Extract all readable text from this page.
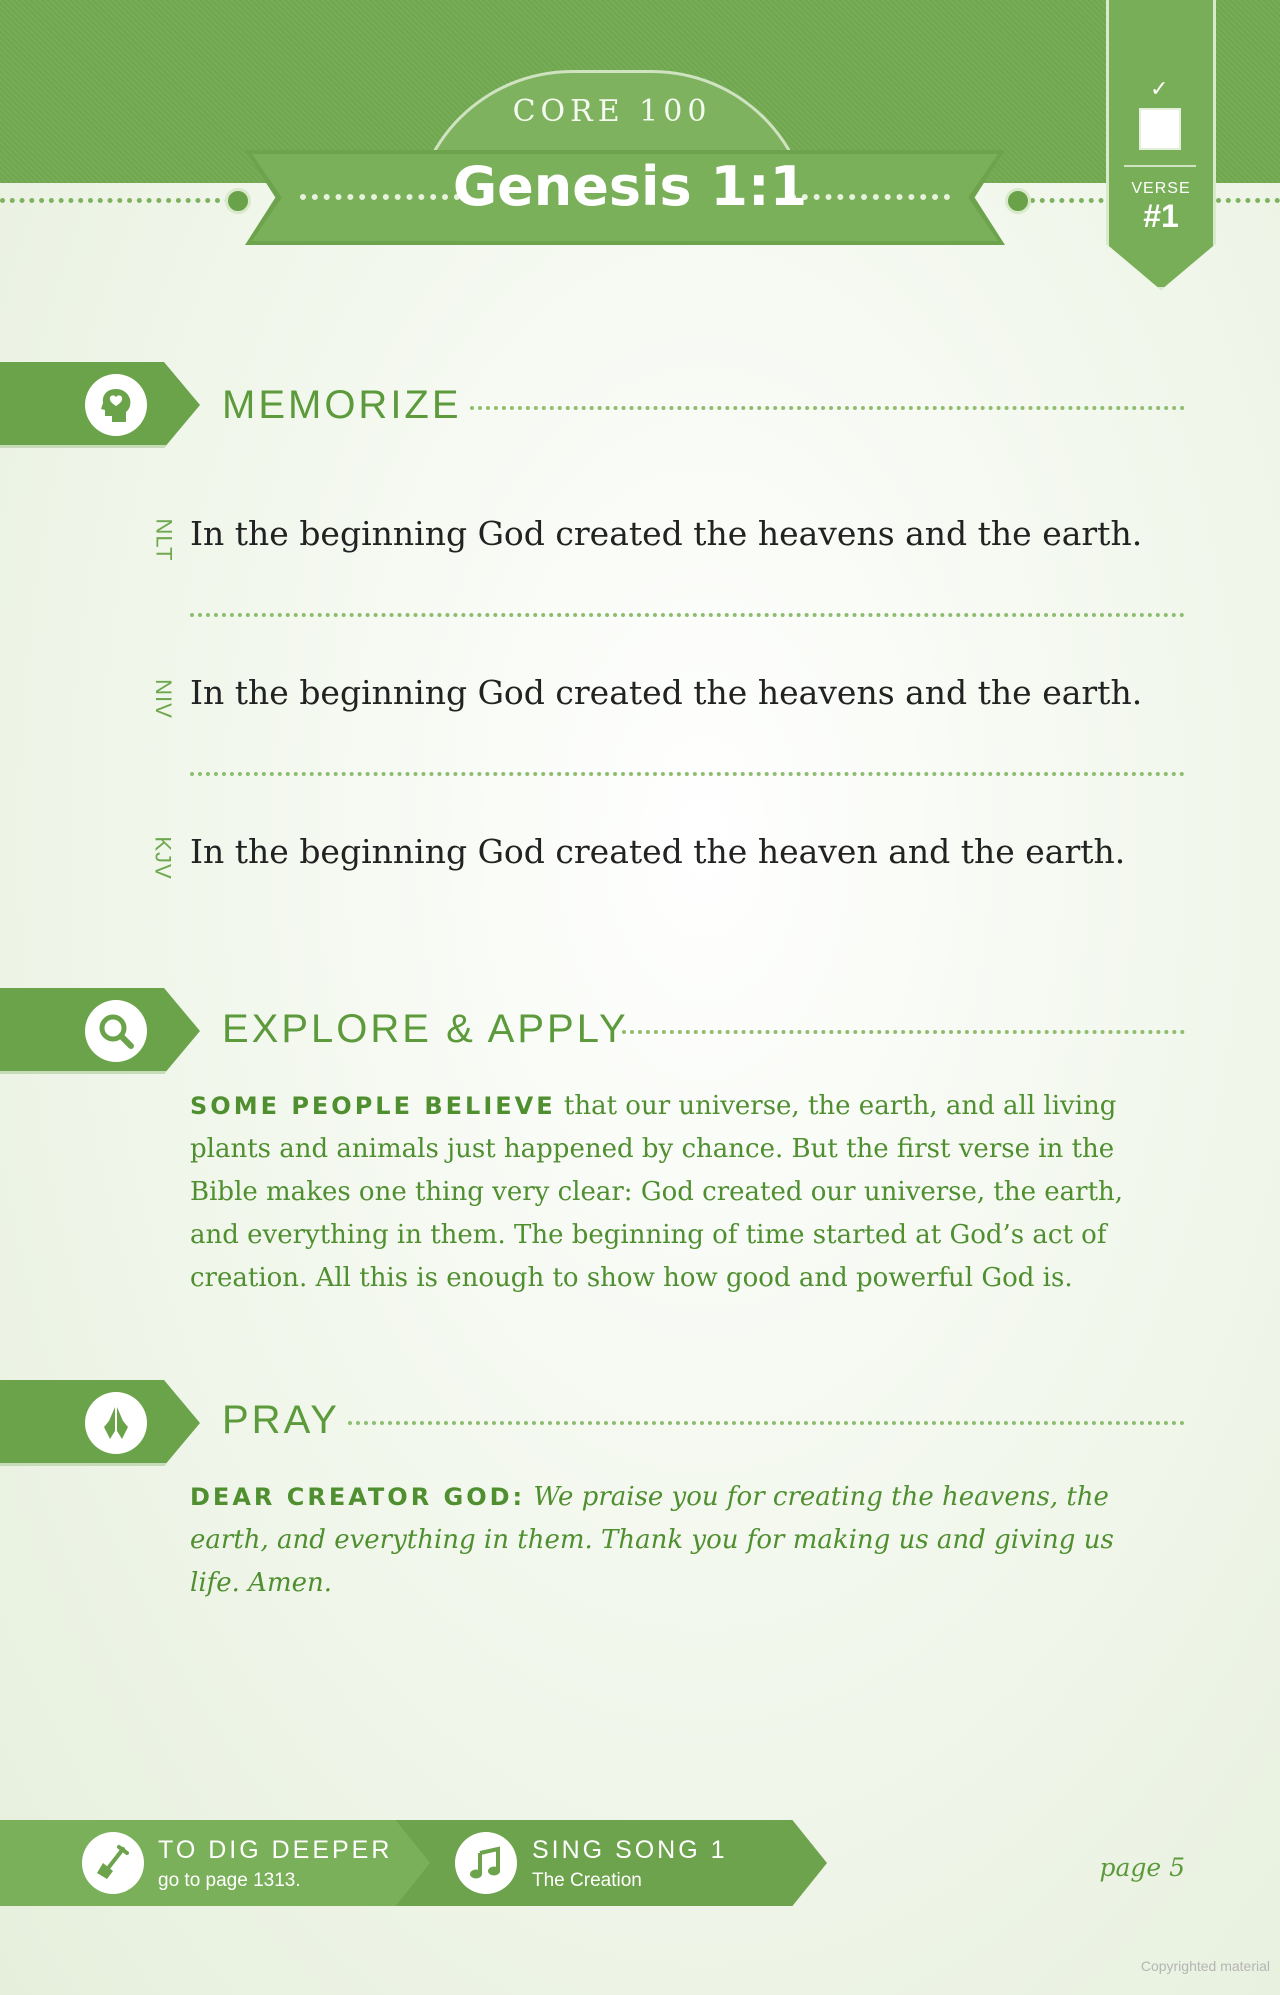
CORE 100
Genesis 1:1
✓
VERSE
#1
MEMORIZE
NLT In the beginning God created the heavens and the earth.
NIV In the beginning God created the heavens and the earth.
KJV In the beginning God created the heaven and the earth.
EXPLORE & APPLY
SOME PEOPLE BELIEVE that our universe, the earth, and all living plants and animals just happened by chance. But the first verse in the Bible makes one thing very clear: God created our universe, the earth, and everything in them. The beginning of time started at God’s act of creation. All this is enough to show how good and powerful God is.
PRAY
DEAR CREATOR GOD: We praise you for creating the heavens, the earth, and everything in them. Thank you for making us and giving us life. Amen.
TO DIG DEEPER
go to page 1313.
SING SONG 1
The Creation	page 5
Copyrighted material
